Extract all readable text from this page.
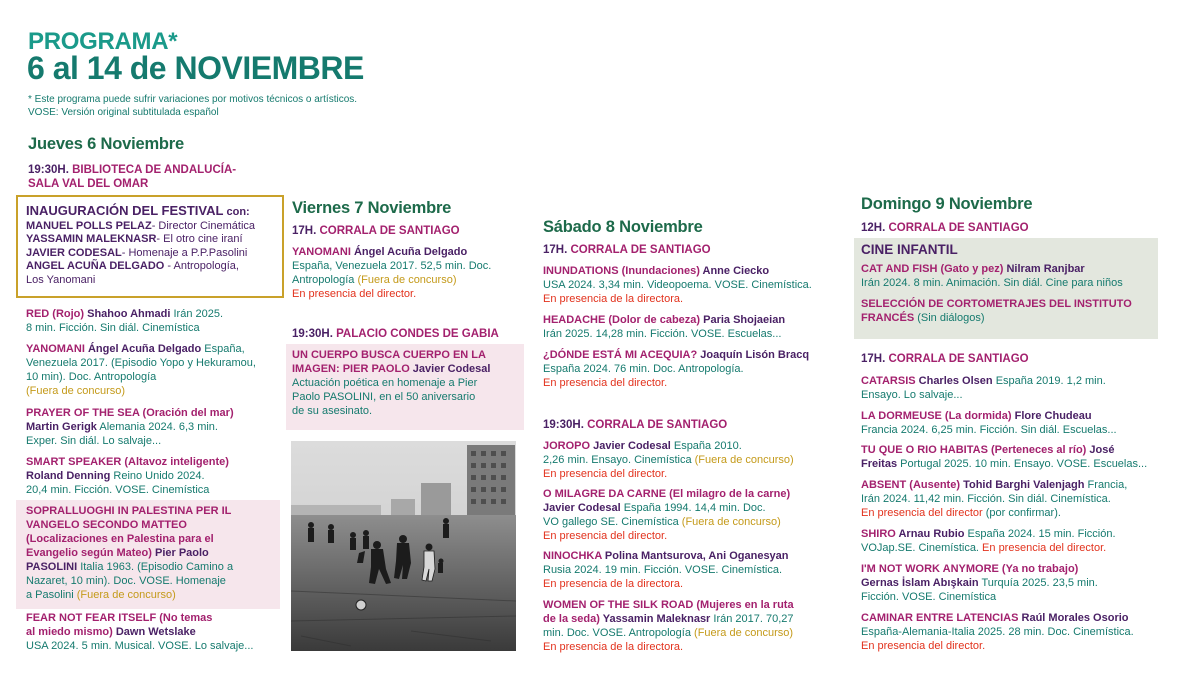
PROGRAMA*
6 al 14 de NOVIEMBRE
* Este programa puede sufrir variaciones por motivos técnicos o artísticos.
VOSE: Versión original subtitulada español
Jueves 6 Noviembre
19:30H. BIBLIOTECA DE ANDALUCÍA-
SALA VAL DEL OMAR
INAUGURACIÓN DEL FESTIVAL con:
MANUEL POLLS PELAZ- Director Cinemática
YASSAMIN MALEKNASR- El otro cine iraní
JAVIER CODESAL- Homenaje a P.P.Pasolini
ANGEL ACUÑA DELGADO - Antropología,
Los Yanomani
RED (Rojo) Shahoo Ahmadi Irán 2025.
8 min. Ficción. Sin diál. Cinemística
YANOMANI Ángel Acuña Delgado España,
Venezuela 2017. (Episodio Yopo y Hekuramou,
10 min). Doc. Antropología
(Fuera de concurso)
PRAYER OF THE SEA (Oración del mar)
Martin Gerigk Alemania 2024. 6,3 min.
Exper. Sin diál. Lo salvaje...
SMART SPEAKER (Altavoz inteligente)
Roland Denning Reino Unido 2024.
20,4 min. Ficción. VOSE. Cinemística
SOPRALLUOGHI IN PALESTINA PER IL
VANGELO SECONDO MATTEO
(Localizaciones en Palestina para el
Evangelio según Mateo) Pier Paolo
PASOLINI Italia 1963. (Episodio Camino a
Nazaret, 10 min). Doc. VOSE. Homenaje
a Pasolini (Fuera de concurso)
FEAR NOT FEAR ITSELF (No temas
al miedo mismo) Dawn Wetslake
USA 2024. 5 min. Musical. VOSE. Lo salvaje...
Viernes 7 Noviembre
17H. CORRALA DE SANTIAGO
YANOMANI Ángel Acuña Delgado
España, Venezuela 2017. 52,5 min. Doc.
Antropología (Fuera de concurso)
En presencia del director.
19:30H. PALACIO CONDES DE GABIA
UN CUERPO BUSCA CUERPO EN LA
IMAGEN: PIER PAOLO Javier Codesal
Actuación poética en homenaje a Pier
Paolo PASOLINI, en el 50 aniversario
de su asesinato.
Sábado 8 Noviembre
17H. CORRALA DE SANTIAGO
INUNDATIONS (Inundaciones) Anne Ciecko
USA 2024. 3,34 min. Videopoema. VOSE. Cinemística.
En presencia de la directora.
HEADACHE (Dolor de cabeza) Paria Shojaeian
Irán 2025. 14,28 min. Ficción. VOSE. Escuelas...
¿DÓNDE ESTÁ MI ACEQUIA? Joaquín Lisón Bracq
España 2024. 76 min. Doc. Antropología.
En presencia del director.
19:30H. CORRALA DE SANTIAGO
JOROPO Javier Codesal España 2010.
2,26 min. Ensayo. Cinemística (Fuera de concurso)
En presencia del director.
O MILAGRE DA CARNE (El milagro de la carne)
Javier Codesal España 1994. 14,4 min. Doc.
VO gallego SE. Cinemística (Fuera de concurso)
En presencia del director.
NINOCHKA Polina Mantsurova, Ani Oganesyan
Rusia 2024. 19 min. Ficción. VOSE. Cinemística.
En presencia de la directora.
WOMEN OF THE SILK ROAD (Mujeres en la ruta
de la seda) Yassamin Maleknasr Irán 2017. 70,27
min. Doc. VOSE. Antropología (Fuera de concurso)
En presencia de la directora.
Domingo 9 Noviembre
12H. CORRALA DE SANTIAGO
CINE INFANTIL
CAT AND FISH (Gato y pez) Nilram Ranjbar
Irán 2024. 8 min. Animación. Sin diál. Cine para niños
SELECCIÓN DE CORTOMETRAJES DEL INSTITUTO
FRANCÉS (Sin diálogos)
17H. CORRALA DE SANTIAGO
CATARSIS Charles Olsen España 2019. 1,2 min.
Ensayo. Lo salvaje...
LA DORMEUSE (La dormida) Flore Chudeau
Francia 2024. 6,25 min. Ficción. Sin diál. Escuelas...
TU QUE O RIO HABITAS (Perteneces al río) José
Freitas Portugal 2025. 10 min. Ensayo. VOSE. Escuelas...
ABSENT (Ausente) Tohid Barghi Valenjagh Francia,
Irán 2024. 11,42 min. Ficción. Sin diál. Cinemística.
En presencia del director (por confirmar).
SHIRO Arnau Rubio España 2024. 15 min. Ficción.
VOJap.SE. Cinemística. En presencia del director.
I'M NOT WORK ANYMORE (Ya no trabajo)
Gernas İslam Abışkain Turquía 2025. 23,5 min.
Ficción. VOSE. Cinemística
CAMINAR ENTRE LATENCIAS Raúl Morales Osorio
España-Alemania-Italia 2025. 28 min. Doc. Cinemística.
En presencia del director.
